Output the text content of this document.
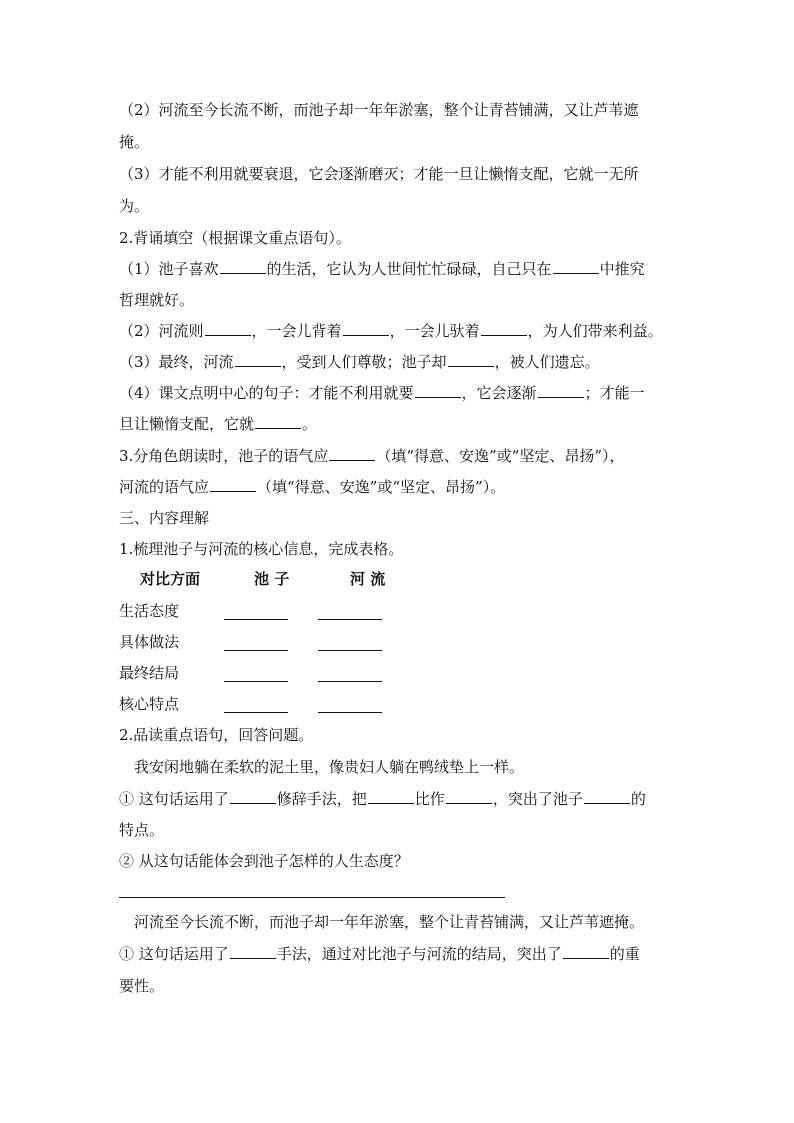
（2）河流至今长流不断，而池子却一年年淤塞，整个让青苔铺满，又让芦苇遮
掩。
（3）才能不利用就要衰退，它会逐渐磨灭；才能一旦让懒惰支配，它就一无所
为。
2.背诵填空（根据课文重点语句）。
（1）池子喜欢	的生活，它认为人世间忙忙碌碌，自己只在	中推究
哲理就好。
（2）河流则	，一会儿背着	，一会儿驮着	，为人们带来利益。
（3）最终，河流	，受到人们尊敬；池子却	，被人们遗忘。
（4）课文点明中心的句子：才能不利用就要	，它会逐渐	；才能一
旦让懒惰支配，它就	。
3.分角色朗读时，池子的语气应	（填“得意、安逸”或“坚定、昂扬”），
河流的语气应	（填“得意、安逸”或“坚定、昂扬”）。
三、内容理解
1.梳理池子与河流的核心信息，完成表格。
对比方面	池 子	河 流
生活态度
具体做法
最终结局
核心特点
2.品读重点语句，回答问题。
　我安闲地躺在柔软的泥土里，像贵妇人躺在鸭绒垫上一样。
① 这句话运用了	修辞手法，把	比作	，突出了池子	的
特点。
② 从这句话能体会到池子怎样的人生态度？
　河流至今长流不断，而池子却一年年淤塞，整个让青苔铺满，又让芦苇遮掩。
① 这句话运用了	手法，通过对比池子与河流的结局，突出了	的重
要性。
